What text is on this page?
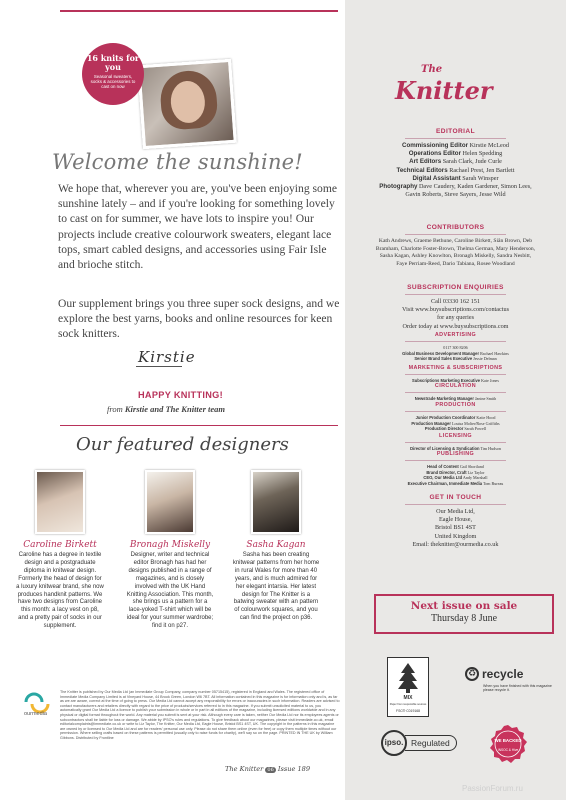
16 knits for you
Seasonal sweaters, socks & accessories to cast on now
Welcome the sunshine!

We hope that, wherever you are, you've been enjoying some sunshine lately – and if you're looking for something lovely to cast on for summer, we have lots to inspire you! Our projects include creative colourwork sweaters, elegant lace tops, smart cabled designs, and accessories using Fair Isle and brioche stitch.

Our supplement brings you three super sock designs, and we explore the best yarns, books and online resources for keen sock knitters.

Kirstie
HAPPY KNITTING!
from Kirstie and The Knitter team
Our featured designers
Caroline Birkett
Caroline has a degree in textile design and a postgraduate diploma in knitwear design. Formerly the head of design for a luxury knitwear brand, she now produces handknit patterns. We have two designs from Caroline this month: a lacy vest on p8, and a pretty pair of socks in our supplement.
Bronagh Miskelly
Designer, writer and technical editor Bronagh has had her designs published in a range of magazines, and is closely involved with the UK Hand Knitting Association. This month, she brings us a pattern for a lace-yoked T-shirt which will be ideal for your summer wardrobe; find it on p27.
Sasha Kagan
Sasha has been creating knitwear patterns from her home in rural Wales for more than 40 years, and is much admired for her elegant intarsia. Her latest design for The Knitter is a batwing sweater with an pattern of colourwork squares, and you can find the project on p36.
ourmedia

The Knitter is published by Our Media Ltd (an Immediate Group Company, company number 05715415), registered in England and Wales. The registered office of Immediate Media Company Limited is at Vineyard House, 44 Brook Green, London W6 7BT. All information contained in this magazine is for information only and is, as far as we are aware, correct at the time of going to press. Our Media Ltd cannot accept any responsibility for errors or inaccuracies in such information. Readers are advised to contact manufacturers and retailers directly with regard to the price of products/services referred to in this magazine. If you submit unsolicited material to us, you automatically grant Our Media Ltd a licence to publish your submission in whole or in part in all editions of the magazine, including licensed editions worldwide and in any physical or digital format throughout the world. Any material you submit is sent at your risk. Although every care is taken, neither Our Media Ltd nor its employees agents or subcontractors shall be liable for loss or damage. We abide by IPSO's rules and regulations. To give feedback about our magazines, please visit immediate.co.uk, email editorialcomplaints@immediate.co.uk or write to Liz Taylor, The Knitter, Our Media Ltd, Eagle House, Bristol BS1 4ST, UK. The copyright in the patterns in this magazine are owned by or licensed to Our Media Ltd and are for readers' personal use only. Please do not share them online (even for free) or copy them multiple times without our permission. Where selling crafts based on these patterns is permitted (usually only to raise funds for charity), we'll say so on the page. PRINTED IN THE UK by William Gibbons. Distributed by Frontline

The Knitter 06 Issue 189
The
Knitter
EDITORIAL
Commissioning Editor Kirstie McLeod
Operations Editor Helen Spedding
Art Editors Sarah Clark, Jude Curle
Technical Editors Rachael Prest, Jen Bartlett
Digital Assistant Sarah Winsper
Photography Dave Caudery, Kaden Gardener, Simon Lees, Gavin Roberts, Steve Sayers, Jesse Wild
CONTRIBUTORS
Kath Andrews, Graeme Bethune, Caroline Birkett, Siân Brown, Deb Bramham, Charlotte Foster-Brown, Thelma German, Mary Henderson, Sasha Kagan, Ashley Knowlton, Bronagh Miskelly, Sandra Nesbitt, Faye Perriam-Reed, Dario Tabiana, Rosee Woodland
SUBSCRIPTION ENQUIRIES
Call 03330 162 151
Visit www.buysubscriptions.com/contactus
for any queries
Order today at www.buysubscriptions.com
ADVERTISING
0117 300 8206
Global Business Development Manager Rachael Hawkins
Senior Brand Sales Executive Jessie Delman
MARKETING & SUBSCRIPTIONS
Subscriptions Marketing Executive Kate Jones
CIRCULATION
Newstrade Marketing Manager Janine Smith
PRODUCTION
Junior Production Coordinator Katie Hood
Production Manager Louisa Molter/Rose Griffiths
Production Director Sarah Powell
LICENSING
Director of Licensing & Syndication Tim Hudson
PUBLISHING
Head of Content Gail Shortland
Brand Director, Craft Liz Taylor
CEO, Our Media Ltd Andy Marshall
Executive Chairman, Immediate Media Tom Bureau
GET IN TOUCH
Our Media Ltd,
Eagle House,
Bristol BS1 4ST
United Kingdom
Email: theknitter@ourmedia.co.uk
Next issue on sale
Thursday 8 June
MIX
Paper from responsible sources
FSC® C019168
♻ recycle
When you have finished with this magazine please recycle it.
ipso. Regulated	WE BACKED
INSOC & Hive
PassionForum.ru
